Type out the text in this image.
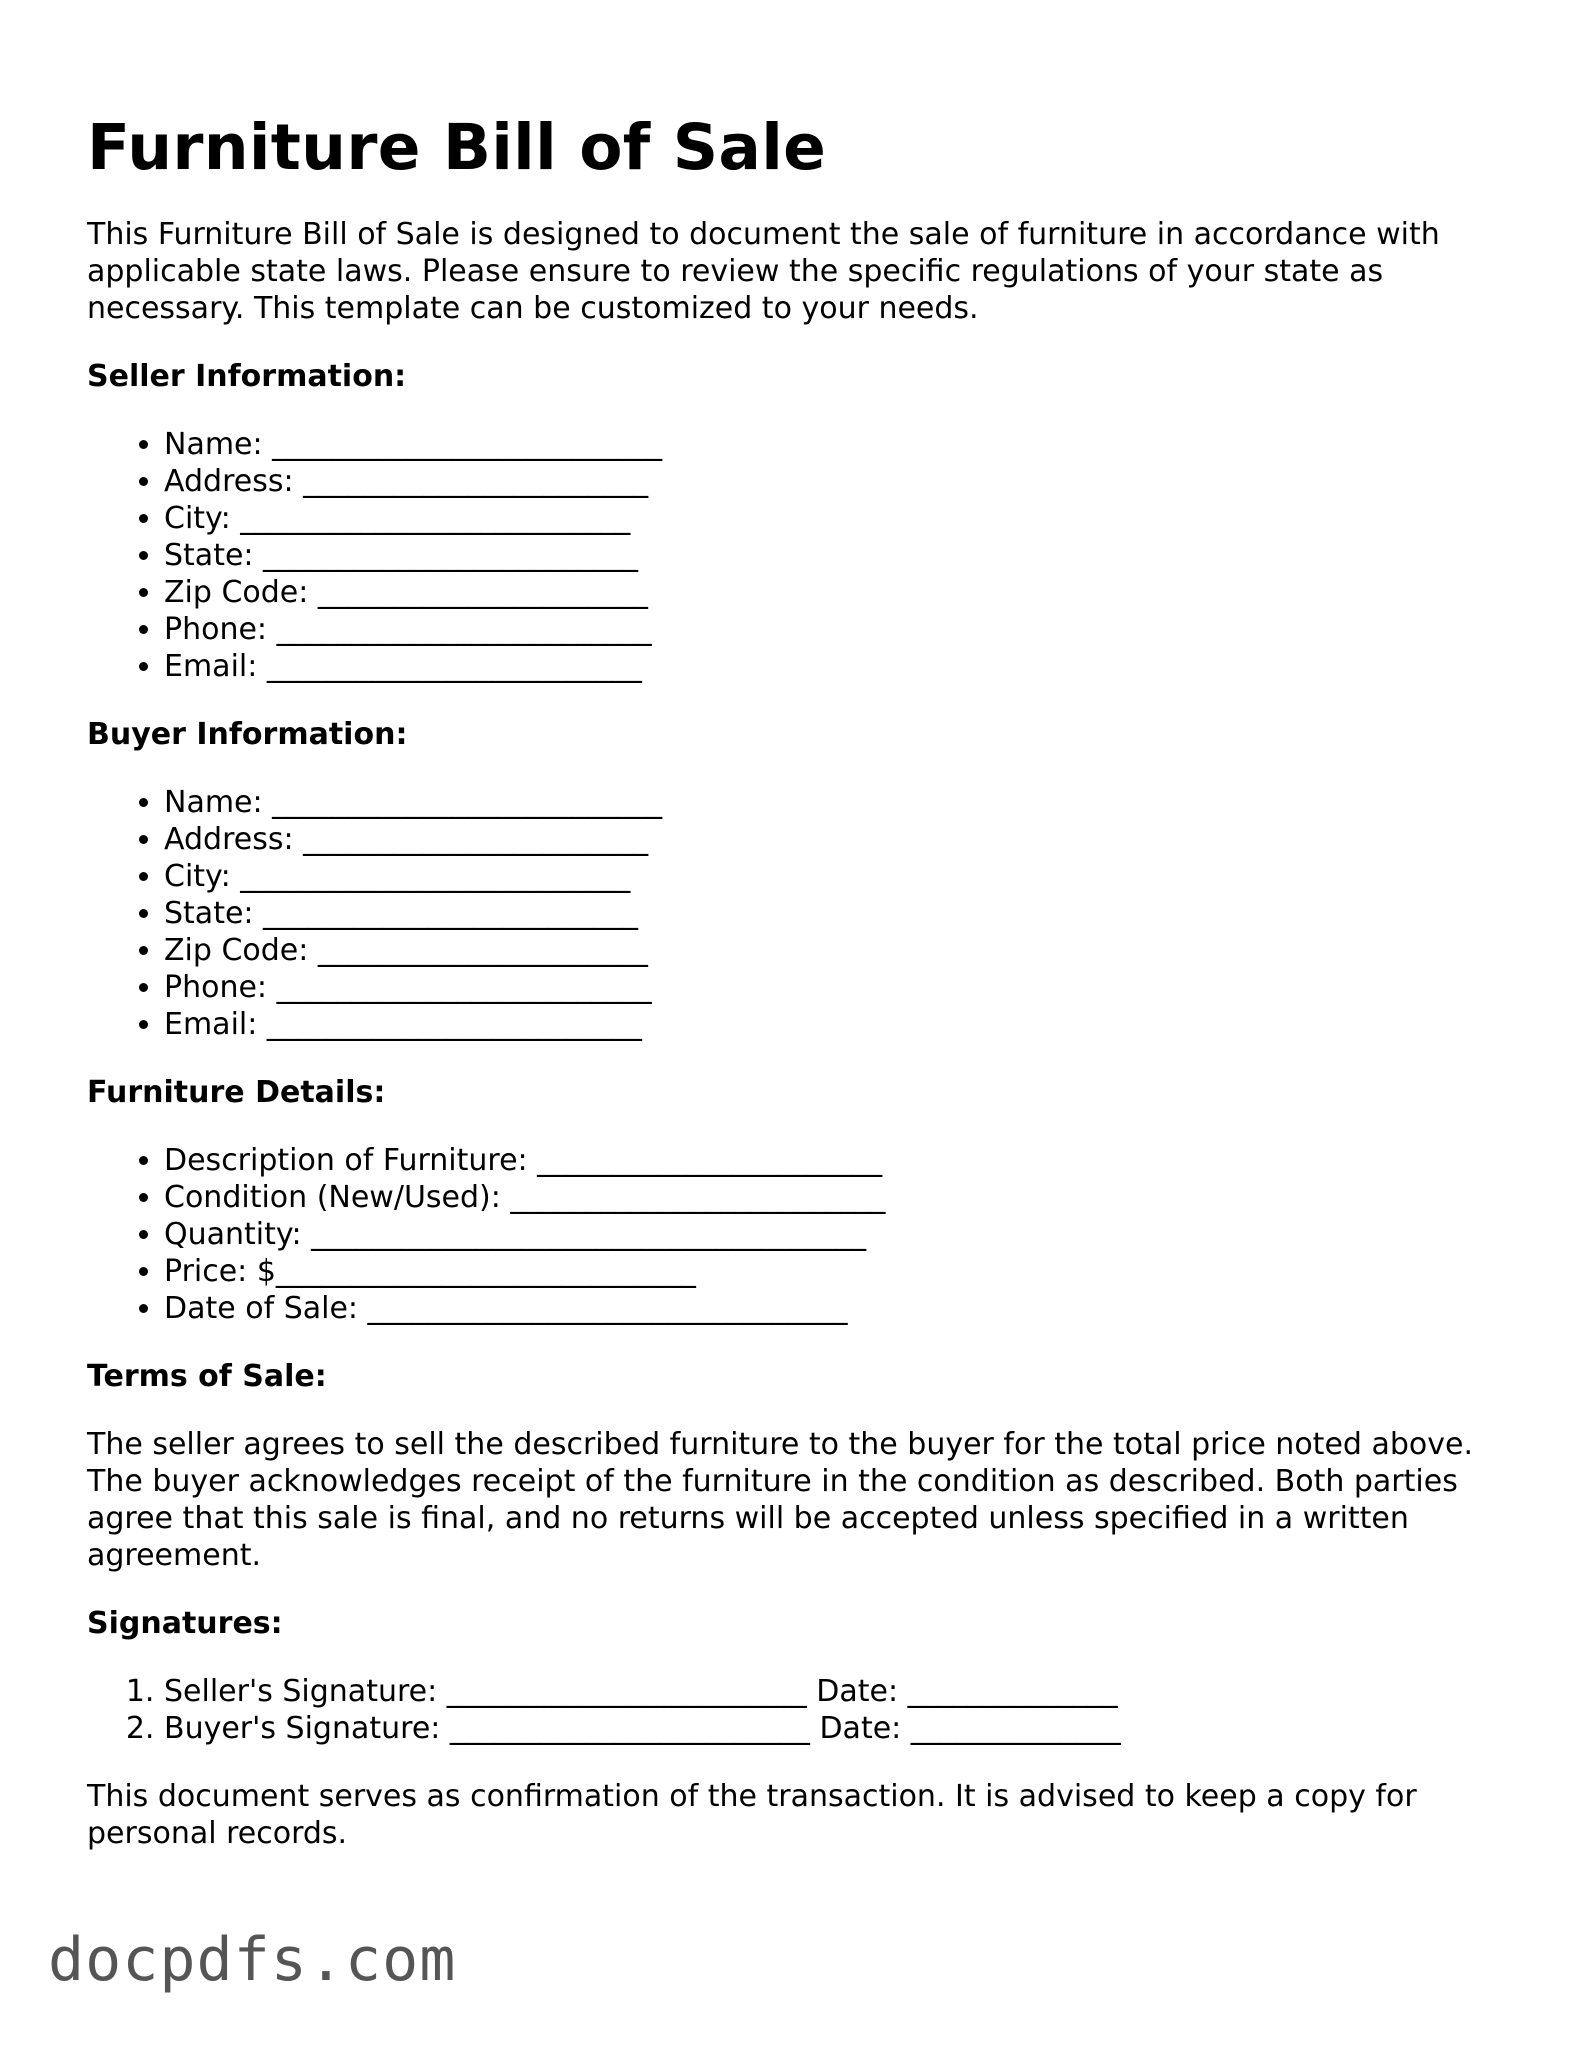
Furniture Bill of Sale

This Furniture Bill of Sale is designed to document the sale of furniture in accordance with applicable state laws. Please ensure to review the specific regulations of your state as necessary. This template can be customized to your needs.

Seller Information:
• Name: __________________________
• Address: _______________________
• City: __________________________
• State: _________________________
• Zip Code: ______________________
• Phone: _________________________
• Email: _________________________
Buyer Information:
• Name: __________________________
• Address: _______________________
• City: __________________________
• State: _________________________
• Zip Code: ______________________
• Phone: _________________________
• Email: _________________________
Furniture Details:
• Description of Furniture: _______________________
• Condition (New/Used): _________________________
• Quantity: _____________________________________
• Price: $____________________________
• Date of Sale: ________________________________
Terms of Sale:

The seller agrees to sell the described furniture to the buyer for the total price noted above. The buyer acknowledges receipt of the furniture in the condition as described. Both parties agree that this sale is final, and no returns will be accepted unless specified in a written agreement.

Signatures:
1. Seller's Signature: ________________________ Date: ______________
2. Buyer's Signature: ________________________ Date: ______________

This document serves as confirmation of the transaction. It is advised to keep a copy for personal records.

docpdfs.com
